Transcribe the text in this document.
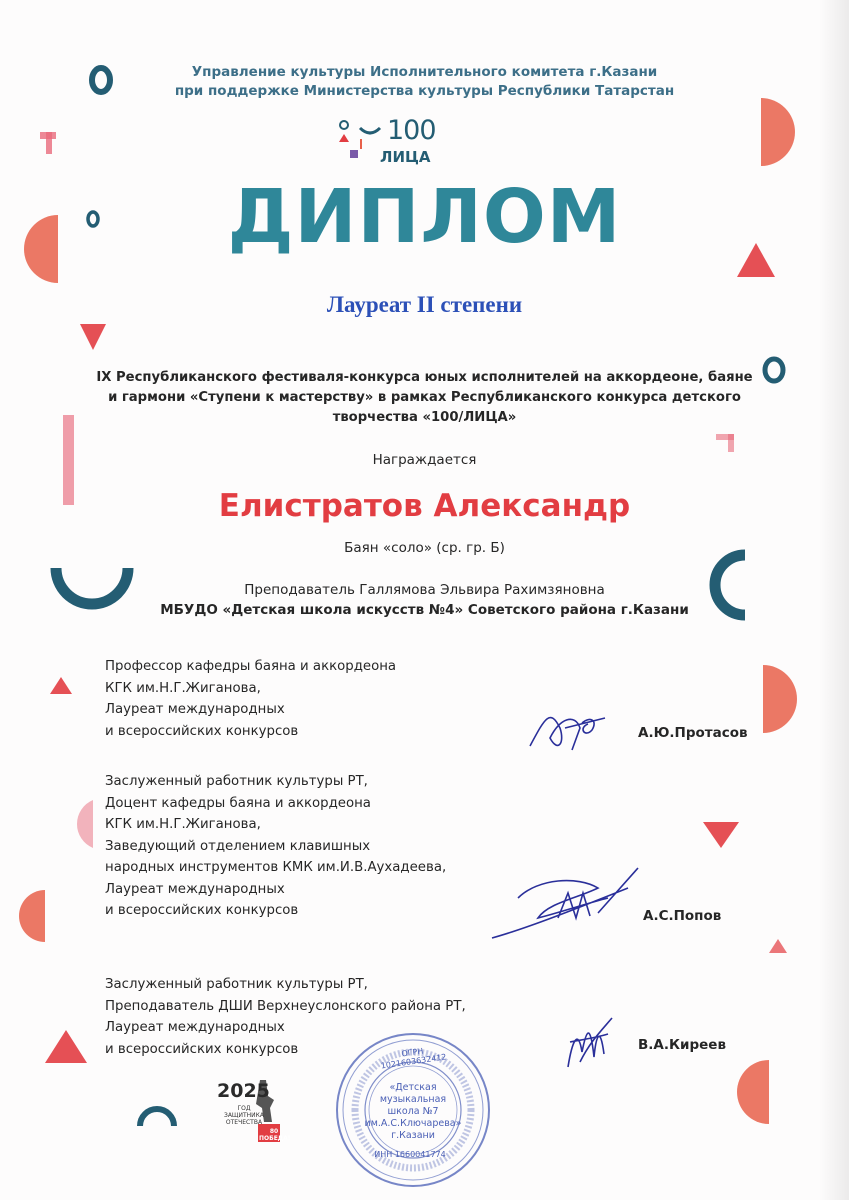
Управление культуры Исполнительного комитета г.Казани
при поддержке Министерства культуры Республики Татарстан
100
ЛИЦА
ДИПЛОМ
Лауреат II степени
IX Республиканского фестиваля-конкурса юных исполнителей на аккордеоне, баяне
и гармони «Ступени к мастерству» в рамках Республиканского конкурса детского
творчества «100/ЛИЦА»
Награждается
Елистратов Александр
Баян «соло» (ср. гр. Б)
Преподаватель Галлямова Эльвира Рахимзяновна
МБУДО «Детская школа искусств №4» Советского района г.Казани
Профессор кафедры баяна и аккордеона
КГК им.Н.Г.Жиганова,
Лауреат международных
и всероссийских конкурсов	А.Ю.Протасов
Заслуженный работник культуры РТ,
Доцент кафедры баяна и аккордеона
КГК им.Н.Г.Жиганова,
Заведующий отделением клавишных
народных инструментов КМК им.И.В.Аухадеева,
Лауреат международных
и всероссийских конкурсов	А.С.Попов
Заслуженный работник культуры РТ,
Преподаватель ДШИ Верхнеуслонского района РТ,
Лауреат международных
и всероссийских конкурсов	В.А.Киреев
2025
ГОД ЗАЩИТНИКА ОТЕЧЕСТВА
80 ПОБЕДА!
«Детская
музыкальная
школа №7
им.А.С.Ключарева»
г.Казани
ОГРН 1021603632412
ИНН 1660041774
